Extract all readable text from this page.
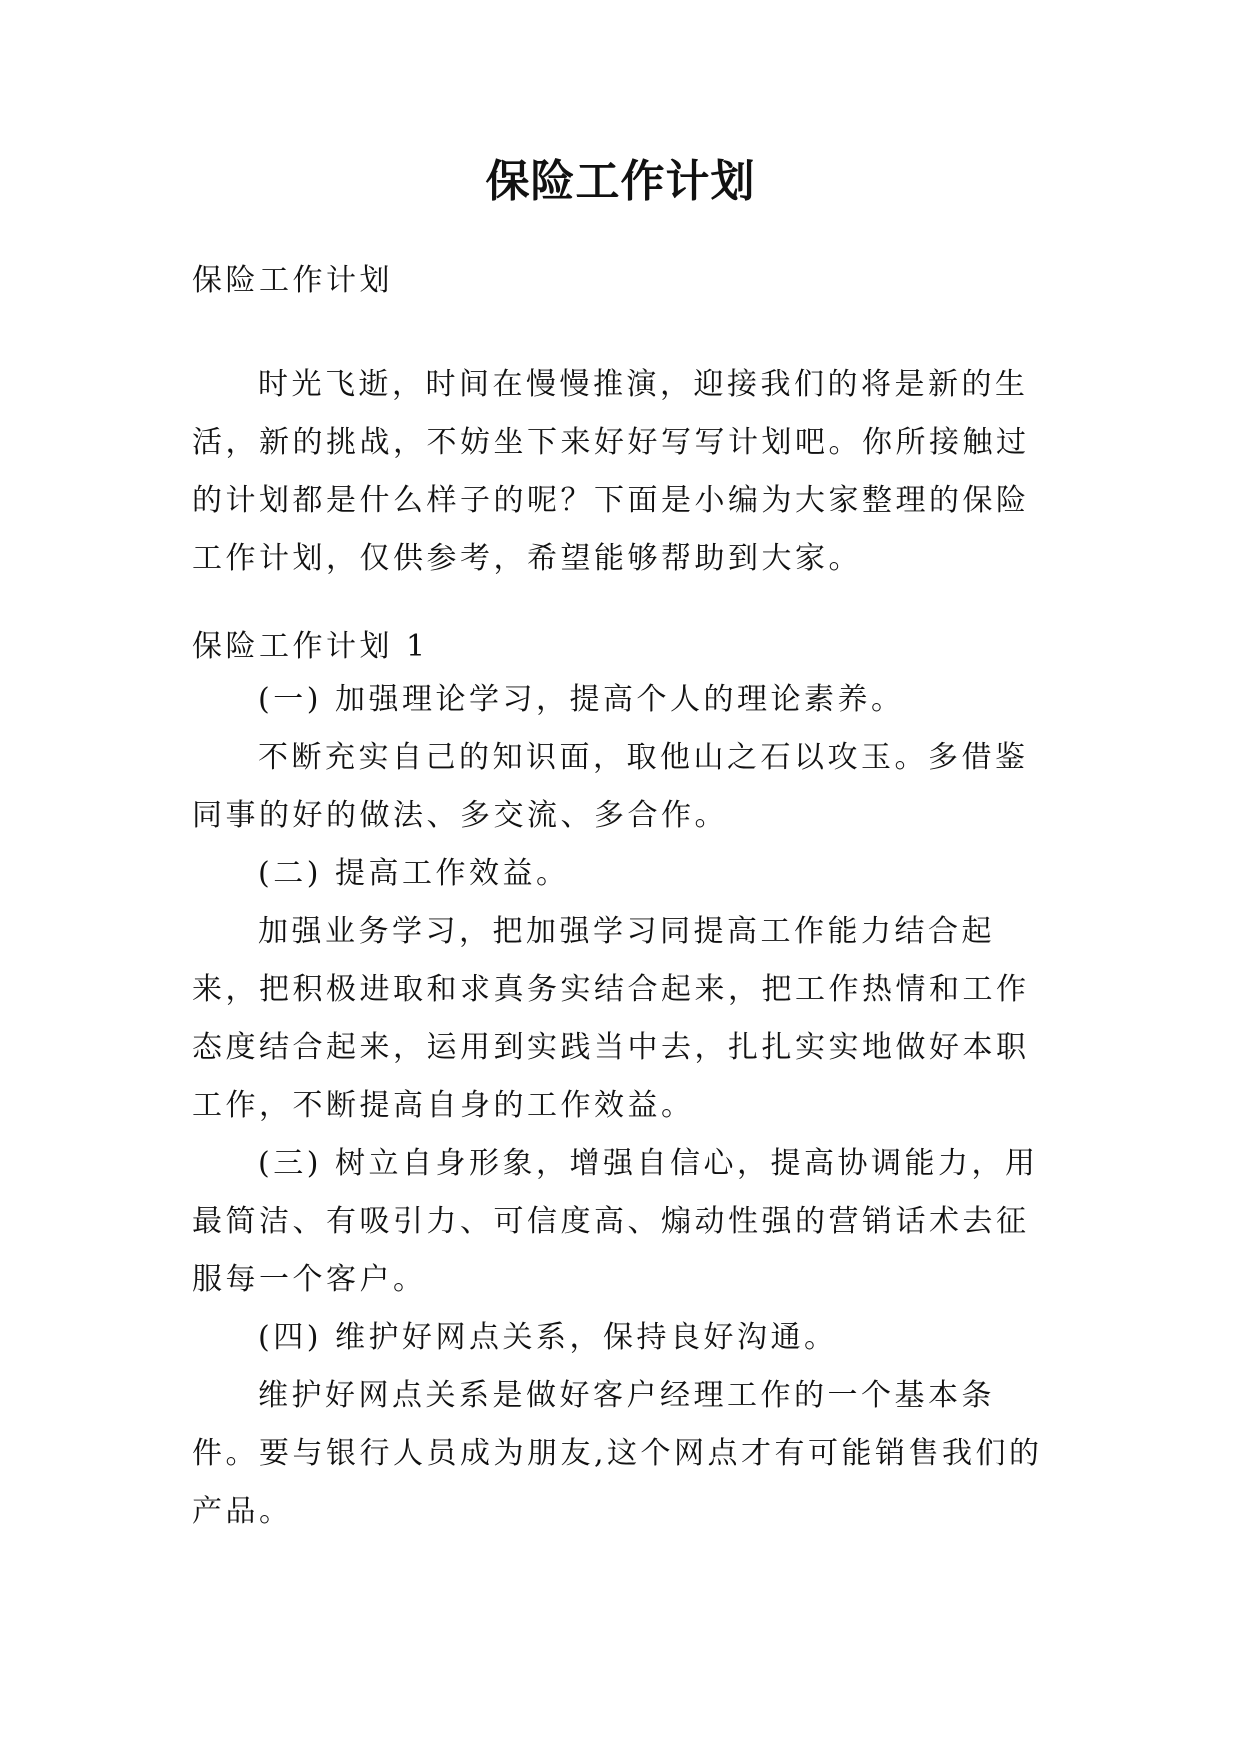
保险工作计划
保险工作计划

时光飞逝，时间在慢慢推演，迎接我们的将是新的生活，新的挑战，不妨坐下来好好写写计划吧。你所接触过的计划都是什么样子的呢？下面是小编为大家整理的保险工作计划，仅供参考，希望能够帮助到大家。

保险工作计划 1

(一) 加强理论学习，提高个人的理论素养。

不断充实自己的知识面，取他山之石以攻玉。多借鉴同事的好的做法、多交流、多合作。

(二) 提高工作效益。

加强业务学习，把加强学习同提高工作能力结合起来，把积极进取和求真务实结合起来，把工作热情和工作态度结合起来，运用到实践当中去，扎扎实实地做好本职工作，不断提高自身的工作效益。

(三) 树立自身形象，增强自信心，提高协调能力，用最简洁、有吸引力、可信度高、煽动性强的营销话术去征服每一个客户。

(四) 维护好网点关系，保持良好沟通。

维护好网点关系是做好客户经理工作的一个基本条件。要与银行人员成为朋友,这个网点才有可能销售我们的产品。
